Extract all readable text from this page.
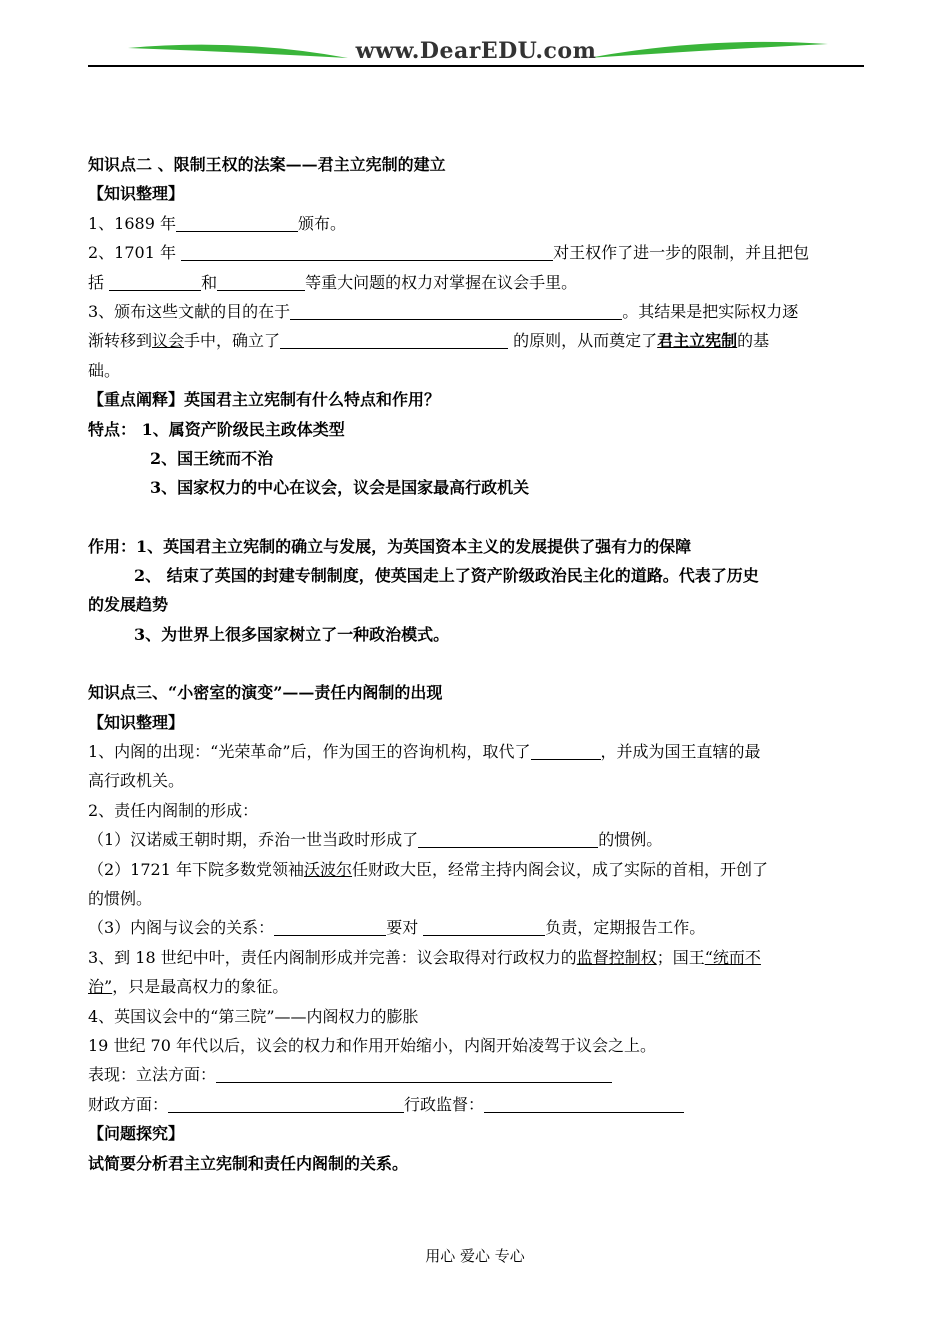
www.DearEDU.com
知识点二 、限制王权的法案——君主立宪制的建立
【知识整理】
1、1689 年	颁布。
2、1701 年	对王权作了进一步的限制，并且把包
括	和	等重大问题的权力对掌握在议会手里。
3、颁布这些文献的目的在于	。其结果是把实际权力逐
渐转移到议会手中，确立了	的原则，从而奠定了君主立宪制的基
础。
【重点阐释】英国君主立宪制有什么特点和作用？
特点： 1、属资产阶级民主政体类型
2、国王统而不治
3、国家权力的中心在议会，议会是国家最高行政机关
作用：1、英国君主立宪制的确立与发展，为英国资本主义的发展提供了强有力的保障
2、 结束了英国的封建专制制度，使英国走上了资产阶级政治民主化的道路。代表了历史
的发展趋势
3、为世界上很多国家树立了一种政治模式。
知识点三、“小密室的演变”——责任内阁制的出现
【知识整理】
1、内阁的出现：“光荣革命”后，作为国王的咨询机构，取代了	，并成为国王直辖的最
高行政机关。
2、责任内阁制的形成：
（1）汉诺威王朝时期，乔治一世当政时形成了	的惯例。
（2）1721 年下院多数党领袖沃波尔任财政大臣，经常主持内阁会议，成了实际的首相，开创了
的惯例。
（3）内阁与议会的关系：	要对	负责，定期报告工作。
3、到 18 世纪中叶，责任内阁制形成并完善：议会取得对行政权力的监督控制权；国王“统而不
治”，只是最高权力的象征。
4、英国议会中的“第三院”——内阁权力的膨胀
19 世纪 70 年代以后，议会的权力和作用开始缩小，内阁开始凌驾于议会之上。
表现：立法方面：
财政方面：	行政监督：
【问题探究】
试简要分析君主立宪制和责任内阁制的关系。
用心 爱心 专心
